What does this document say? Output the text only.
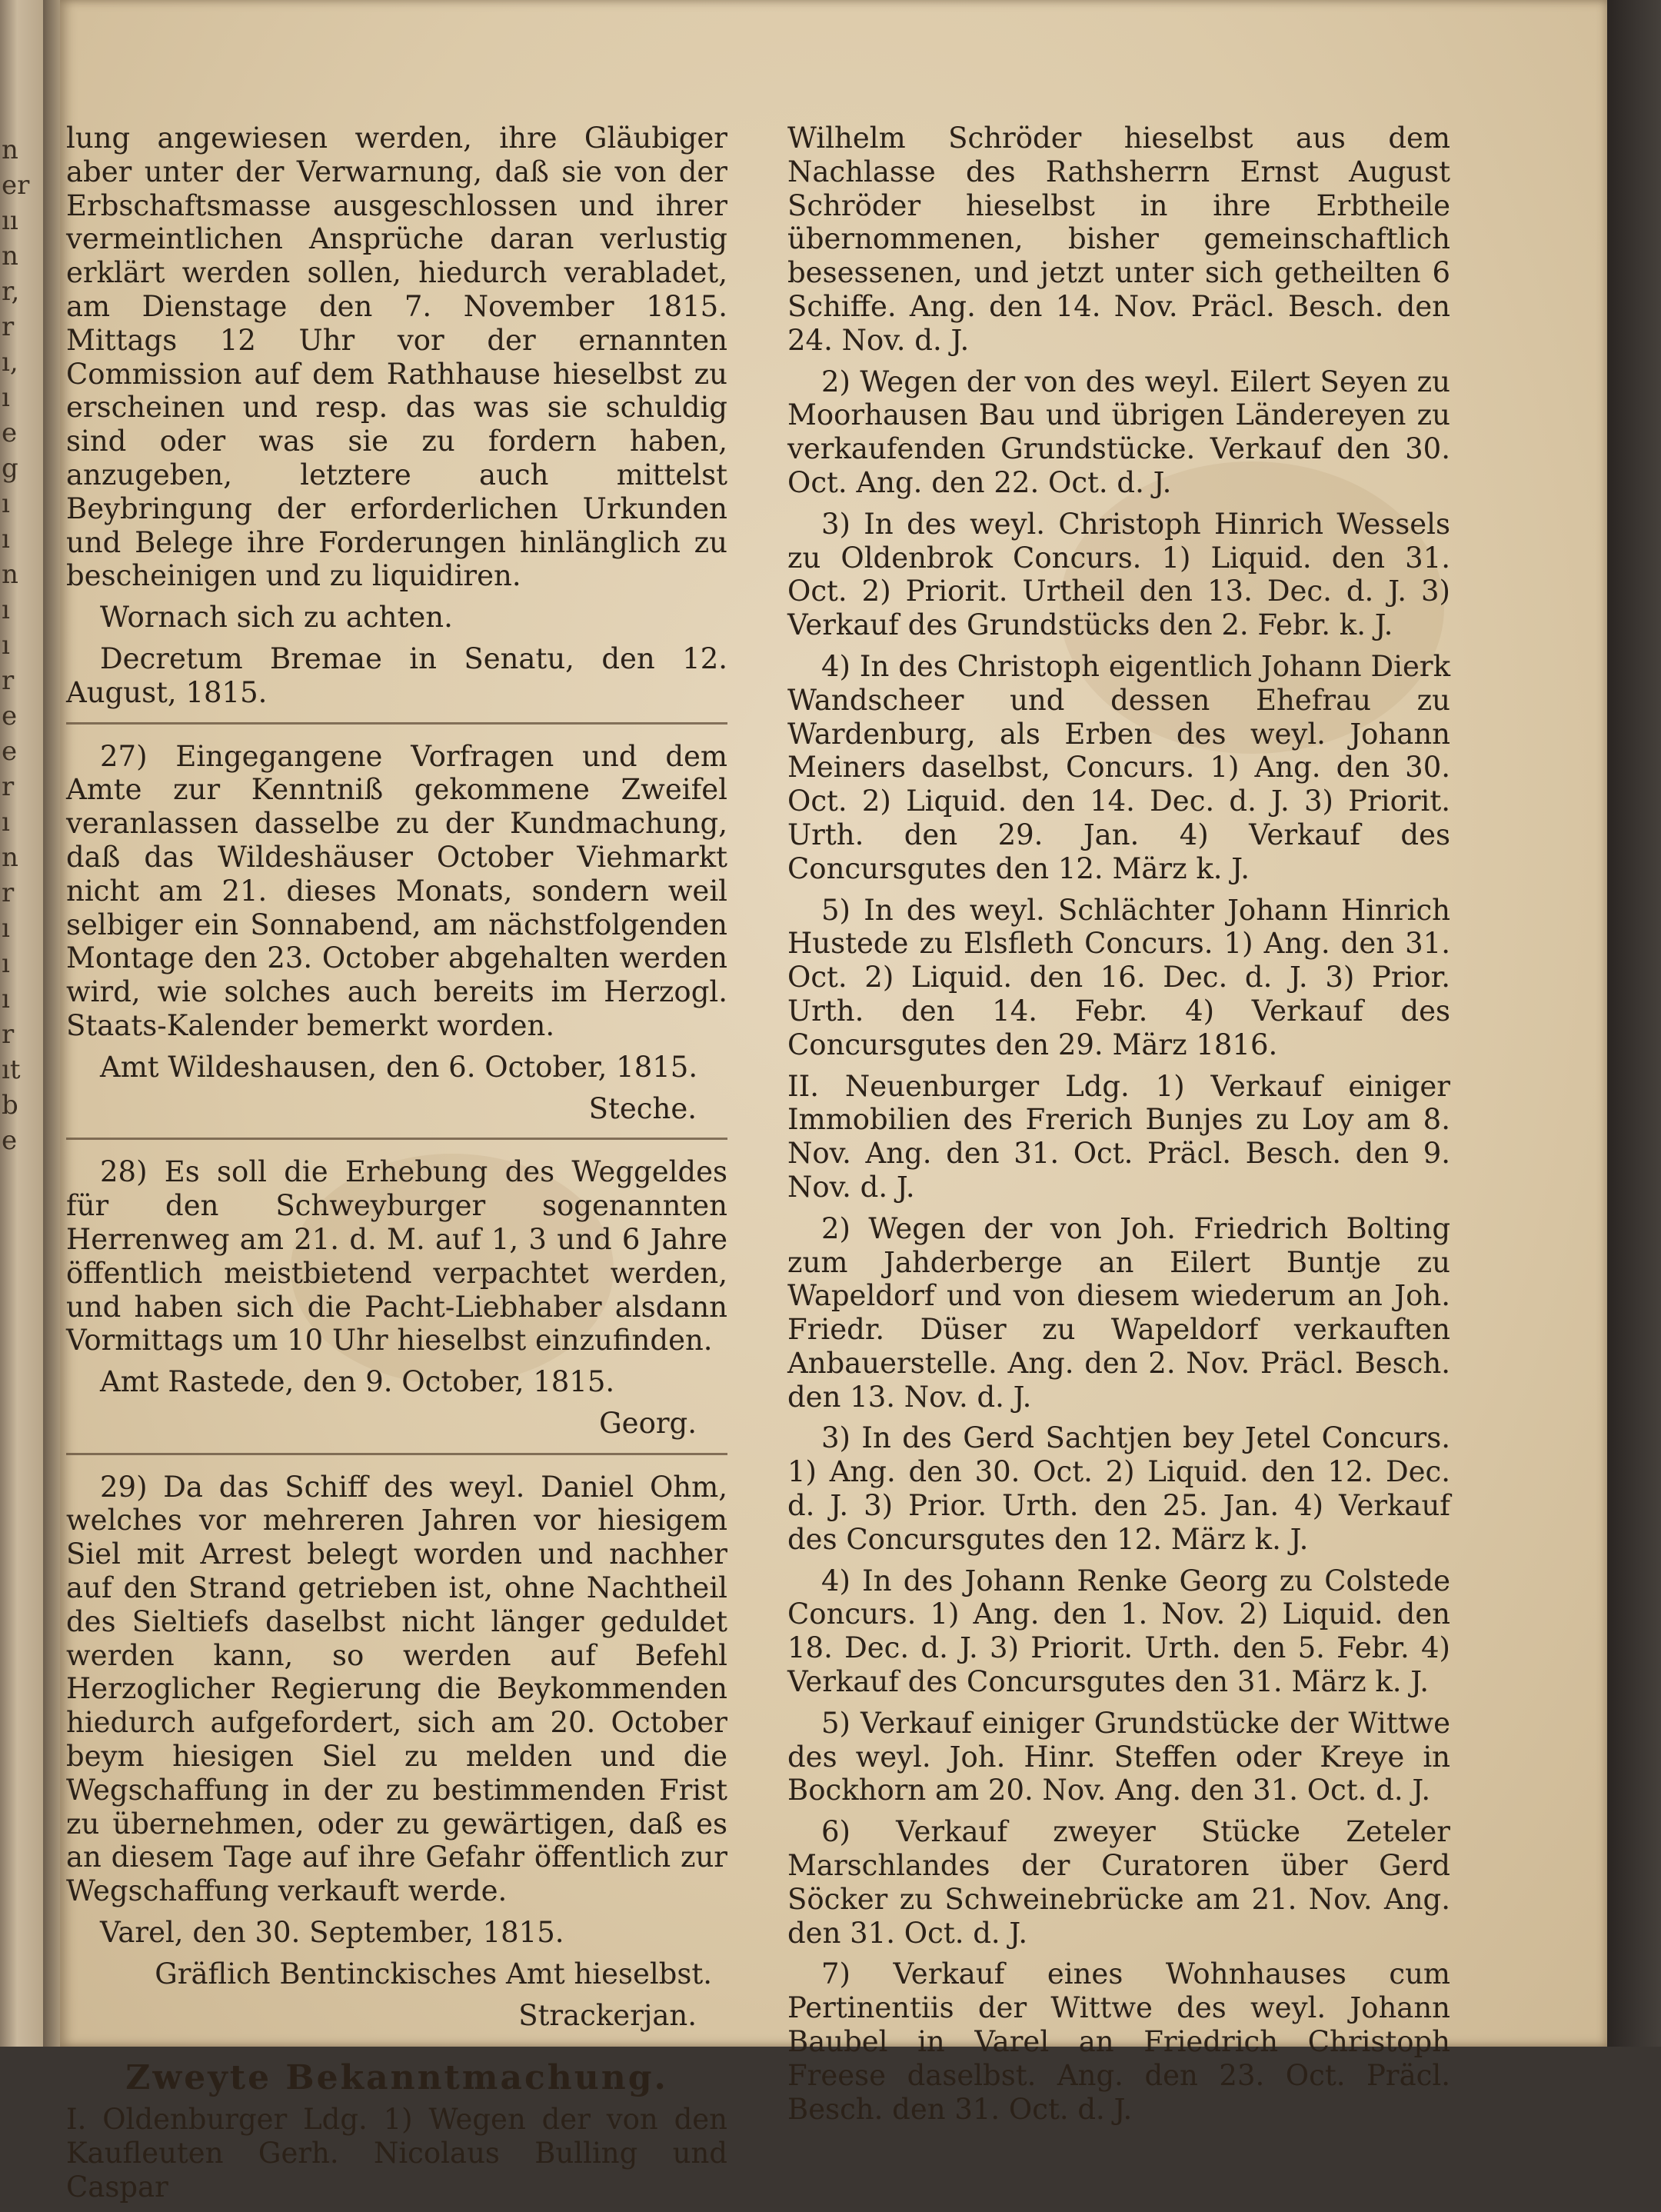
n
er
ıı
n
r,
r
ı,
ı
e
g
ı
ı
n
ı
ı
r
e
e
r
ı
n
r
ı
ı
ı
r
ıt
b
e

lung angewiesen werden, ihre Gläubiger aber unter der Verwarnung, daß sie von der Erbschaftsmasse ausgeschlossen und ihrer vermeintlichen Ansprüche daran verlustig erklärt werden sollen, hiedurch verabladet, am Dienstage den 7. November 1815. Mittags 12 Uhr vor der ernannten Commission auf dem Rathhause hieselbst zu erscheinen und resp. das was sie schuldig sind oder was sie zu fordern haben, anzugeben, letztere auch mittelst Beybringung der erforderlichen Urkunden und Belege ihre Forderungen hinlänglich zu bescheinigen und zu liquidiren.

Wornach sich zu achten.

Decretum Bremae in Senatu, den 12. August, 1815.

27) Eingegangene Vorfragen und dem Amte zur Kenntniß gekommene Zweifel veranlassen dasselbe zu der Kundmachung, daß das Wildeshäuser October Viehmarkt nicht am 21. dieses Monats, sondern weil selbiger ein Sonnabend, am nächstfolgenden Montage den 23. October abgehalten werden wird, wie solches auch bereits im Herzogl. Staats-Kalender bemerkt worden.

Amt Wildeshausen, den 6. October, 1815.

Steche.

28) Es soll die Erhebung des Weggeldes für den Schweyburger sogenannten Herrenweg am 21. d. M. auf 1, 3 und 6 Jahre öffentlich meistbietend verpachtet werden, und haben sich die Pacht-Liebhaber alsdann Vormittags um 10 Uhr hieselbst einzufinden.

Amt Rastede, den 9. October, 1815.

Georg.

29) Da das Schiff des weyl. Daniel Ohm, welches vor mehreren Jahren vor hiesigem Siel mit Arrest belegt worden und nachher auf den Strand getrieben ist, ohne Nachtheil des Sieltiefs daselbst nicht länger geduldet werden kann, so werden auf Befehl Herzoglicher Regierung die Beykommenden hiedurch aufgefordert, sich am 20. October beym hiesigen Siel zu melden und die Wegschaffung in der zu bestimmenden Frist zu übernehmen, oder zu gewärtigen, daß es an diesem Tage auf ihre Gefahr öffentlich zur Wegschaffung verkauft werde.

Varel, den 30. September, 1815.

Gräflich Bentinckisches Amt hieselbst.

Strackerjan.

Zweyte Bekanntmachung.

I. Oldenburger Ldg. 1) Wegen der von den Kaufleuten Gerh. Nicolaus Bulling und Caspar

Wilhelm Schröder hieselbst aus dem Nachlasse des Rathsherrn Ernst August Schröder hieselbst in ihre Erbtheile übernommenen, bisher gemeinschaftlich besessenen, und jetzt unter sich getheilten 6 Schiffe. Ang. den 14. Nov. Präcl. Besch. den 24. Nov. d. J.

2) Wegen der von des weyl. Eilert Seyen zu Moorhausen Bau und übrigen Ländereyen zu verkaufenden Grundstücke. Verkauf den 30. Oct. Ang. den 22. Oct. d. J.

3) In des weyl. Christoph Hinrich Wessels zu Oldenbrok Concurs. 1) Liquid. den 31. Oct. 2) Priorit. Urtheil den 13. Dec. d. J. 3) Verkauf des Grundstücks den 2. Febr. k. J.

4) In des Christoph eigentlich Johann Dierk Wandscheer und dessen Ehefrau zu Wardenburg, als Erben des weyl. Johann Meiners daselbst, Concurs. 1) Ang. den 30. Oct. 2) Liquid. den 14. Dec. d. J. 3) Priorit. Urth. den 29. Jan. 4) Verkauf des Concursgutes den 12. März k. J.

5) In des weyl. Schlächter Johann Hinrich Hustede zu Elsfleth Concurs. 1) Ang. den 31. Oct. 2) Liquid. den 16. Dec. d. J. 3) Prior. Urth. den 14. Febr. 4) Verkauf des Concursgutes den 29. März 1816.

II. Neuenburger Ldg. 1) Verkauf einiger Immobilien des Frerich Bunjes zu Loy am 8. Nov. Ang. den 31. Oct. Präcl. Besch. den 9. Nov. d. J.

2) Wegen der von Joh. Friedrich Bolting zum Jahderberge an Eilert Buntje zu Wapeldorf und von diesem wiederum an Joh. Friedr. Düser zu Wapeldorf verkauften Anbauerstelle. Ang. den 2. Nov. Präcl. Besch. den 13. Nov. d. J.

3) In des Gerd Sachtjen bey Jetel Concurs. 1) Ang. den 30. Oct. 2) Liquid. den 12. Dec. d. J. 3) Prior. Urth. den 25. Jan. 4) Verkauf des Concursgutes den 12. März k. J.

4) In des Johann Renke Georg zu Colstede Concurs. 1) Ang. den 1. Nov. 2) Liquid. den 18. Dec. d. J. 3) Priorit. Urth. den 5. Febr. 4) Verkauf des Concursgutes den 31. März k. J.

5) Verkauf einiger Grundstücke der Wittwe des weyl. Joh. Hinr. Steffen oder Kreye in Bockhorn am 20. Nov. Ang. den 31. Oct. d. J.

6) Verkauf zweyer Stücke Zeteler Marschlandes der Curatoren über Gerd Söcker zu Schweinebrücke am 21. Nov. Ang. den 31. Oct. d. J.

7) Verkauf eines Wohnhauses cum Pertinentiis der Wittwe des weyl. Johann Baubel in Varel an Friedrich Christoph Freese daselbst. Ang. den 23. Oct. Präcl. Besch. den 31. Oct. d. J.
